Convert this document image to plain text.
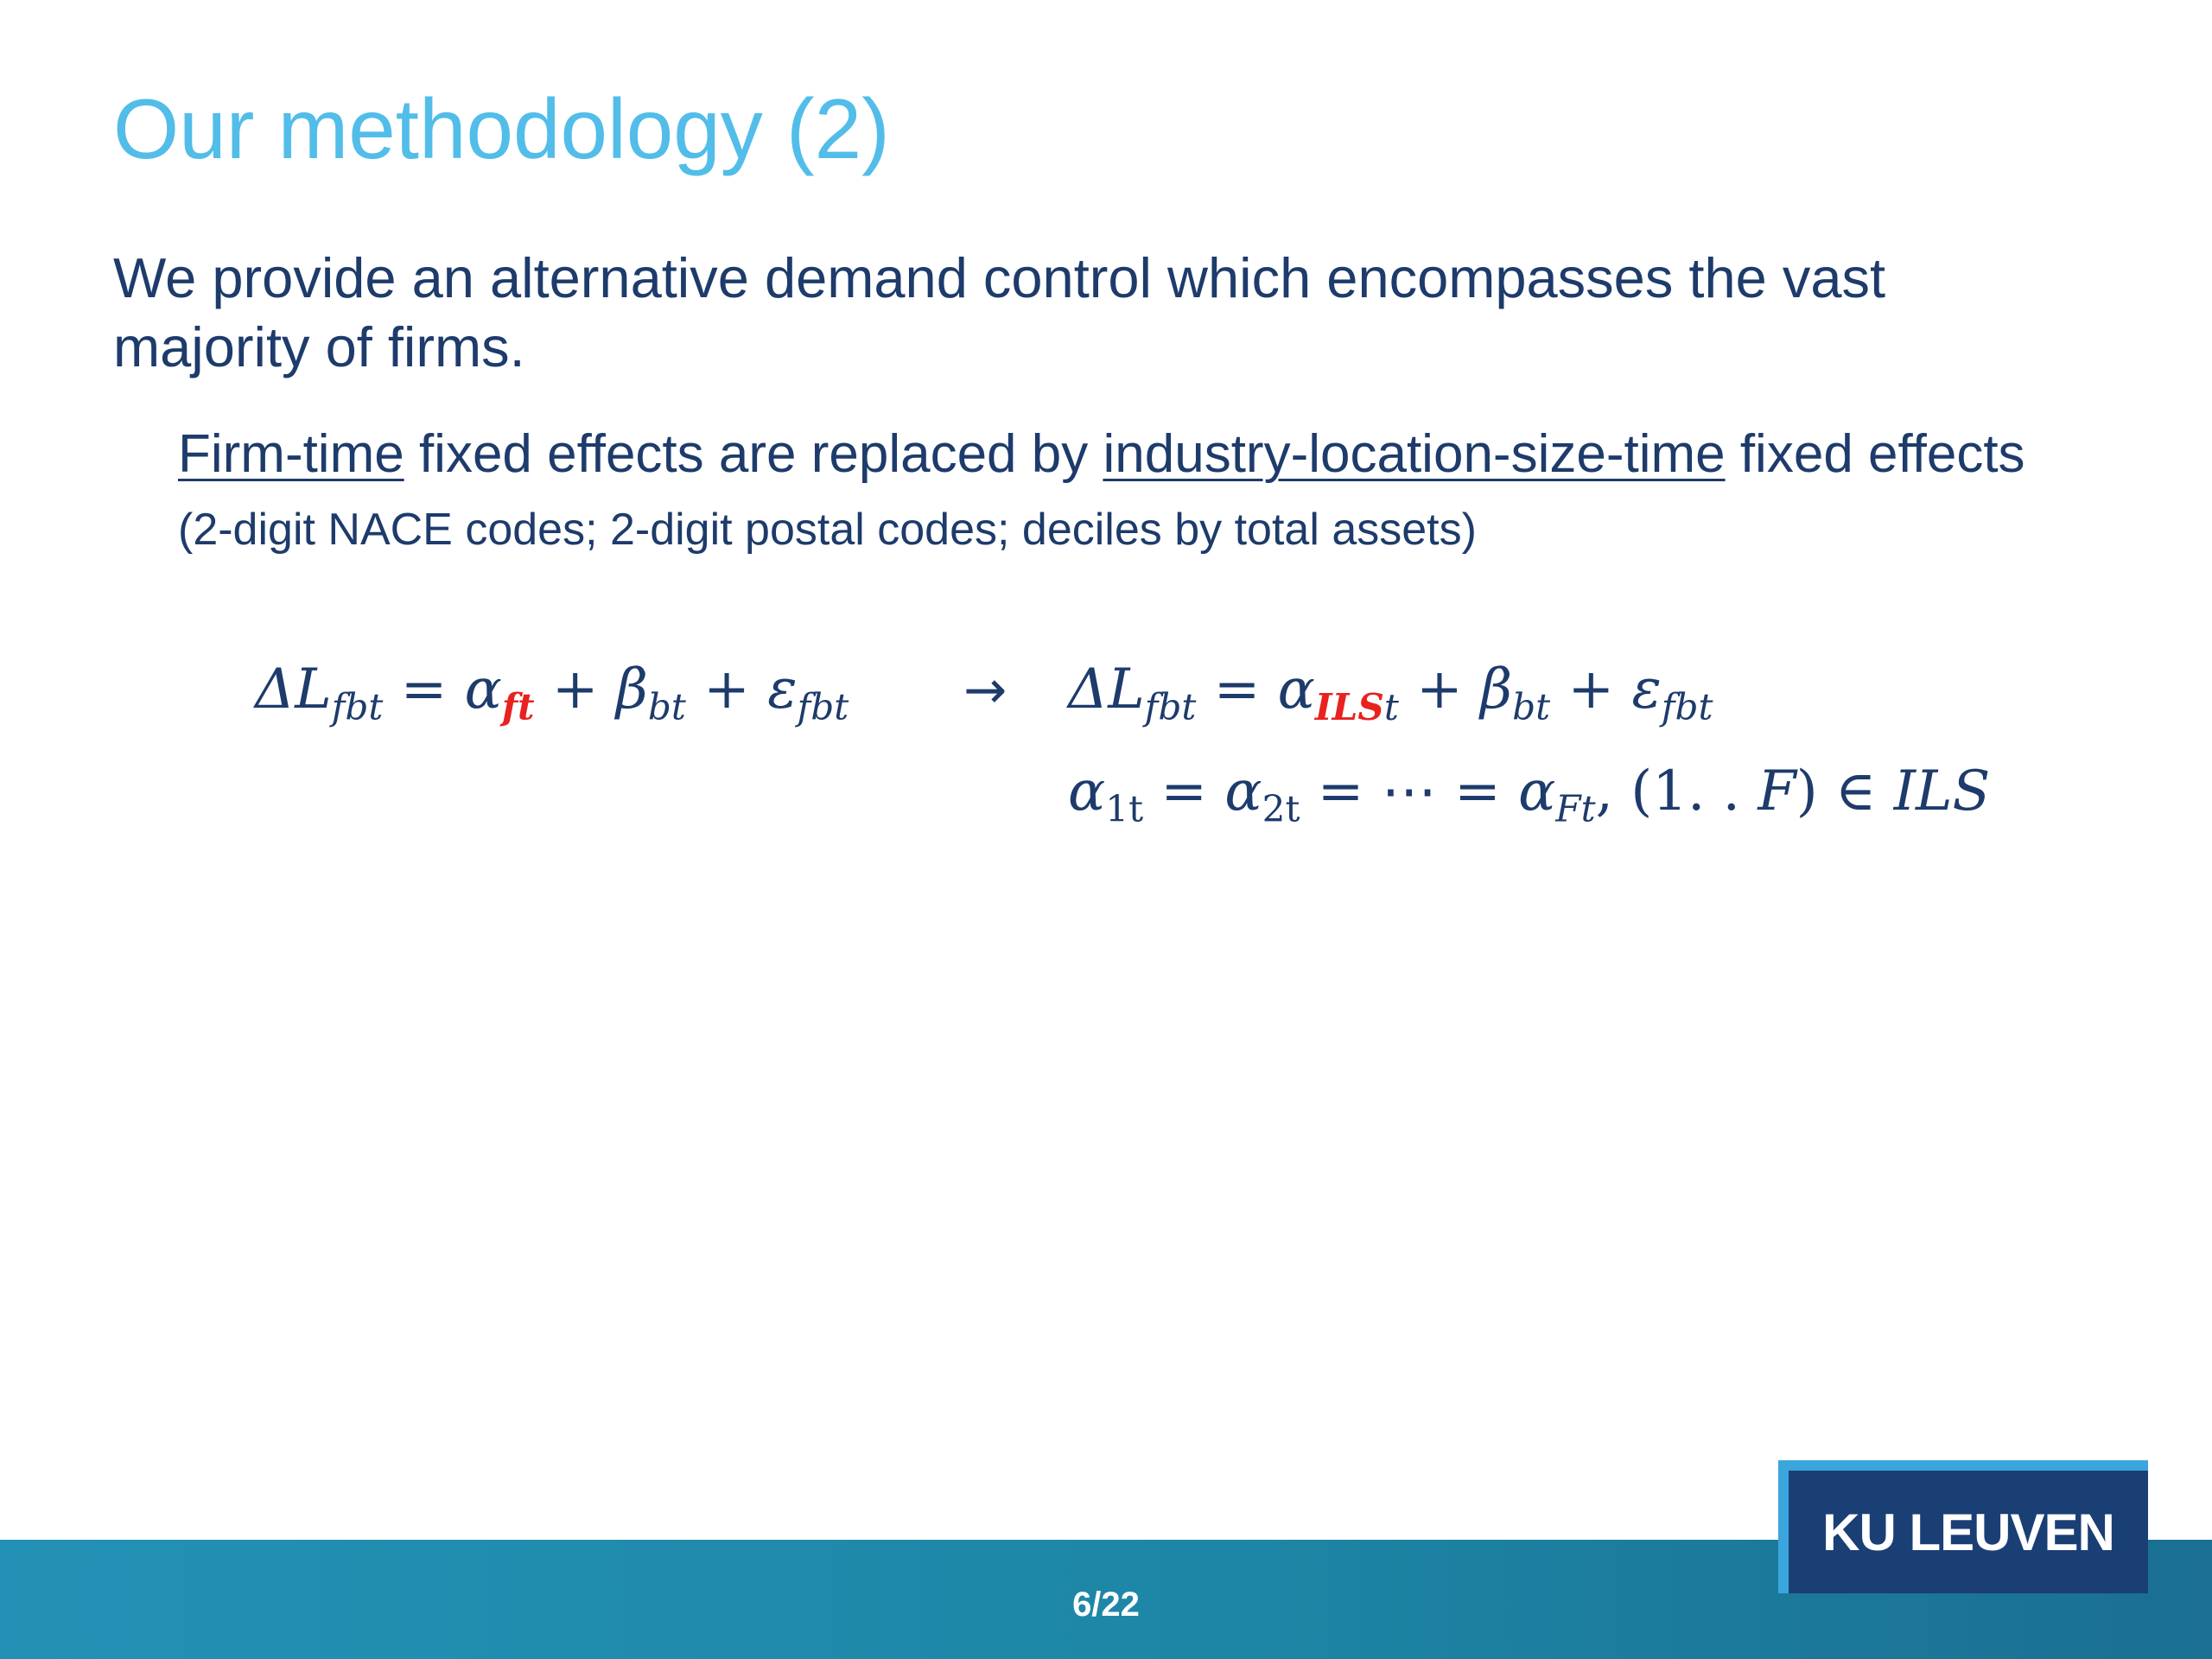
Our methodology (2)

We provide an alternative demand control which encompasses the vast majority of firms.

Firm-time fixed effects are replaced by industry-location-size-time fixed effects

(2-digit NACE codes; 2-digit postal codes; deciles by total assets)

$\Delta L_{fbt} = \alpha_{ft} + \beta_{bt} + \varepsilon_{fbt} \to \Delta L_{fbt} = \alpha_{ILSt} + \beta_{bt} + \varepsilon_{fbt}$
$\alpha_{1t} = \alpha_{2t}$ = ⋯ = $\alpha_{Ft}$, (1. . F) ∈ ILS
KU LEUVEN
6/22
